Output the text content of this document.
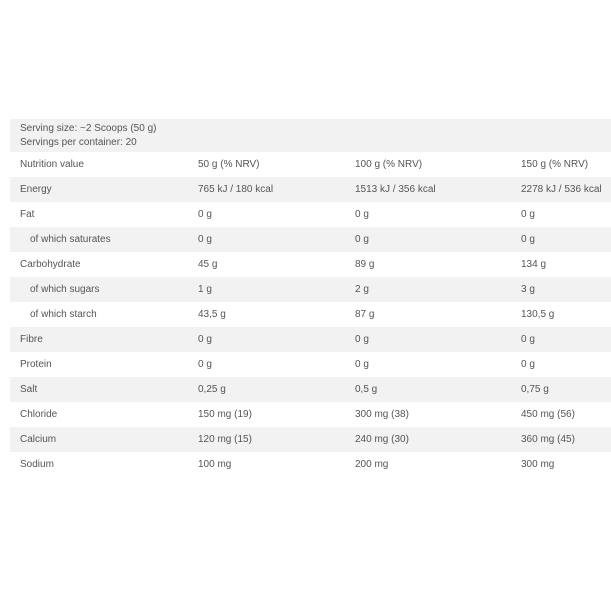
Serving size: ~2 Scoops (50 g)
Servings per container: 20
Nutrition value	50 g (% NRV)	100 g (% NRV)	150 g (% NRV)
Energy	765 kJ / 180 kcal	1513 kJ / 356 kcal	2278 kJ / 536 kcal
Fat	0 g	0 g	0 g
of which saturates	0 g	0 g	0 g
Carbohydrate	45 g	89 g	134 g
of which sugars	1 g	2 g	3 g
of which starch	43,5 g	87 g	130,5 g
Fibre	0 g	0 g	0 g
Protein	0 g	0 g	0 g
Salt	0,25 g	0,5 g	0,75 g
Chloride	150 mg (19)	300 mg (38)	450 mg (56)
Calcium	120 mg (15)	240 mg (30)	360 mg (45)
Sodium	100 mg	200 mg	300 mg
